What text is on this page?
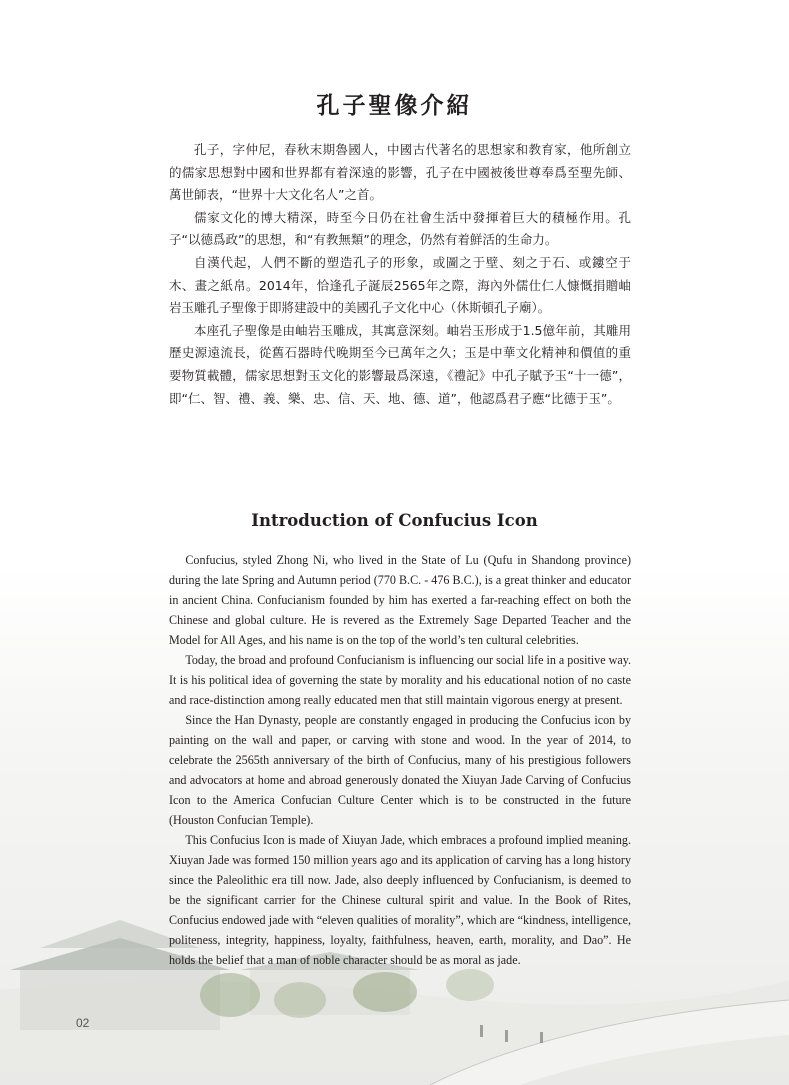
孔子聖像介紹

孔子，字仲尼，春秋末期魯國人，中國古代著名的思想家和教育家，他所創立的儒家思想對中國和世界都有着深遠的影響，孔子在中國被後世尊奉爲至聖先師、萬世師表，“世界十大文化名人”之首。

儒家文化的博大精深，時至今日仍在社會生活中發揮着巨大的積極作用。孔子“以德爲政”的思想，和“有教無類”的理念，仍然有着鮮活的生命力。

自漢代起，人們不斷的塑造孔子的形象，或圖之于壁、刻之于石、或鏤空于木、畫之紙帛。2014年，恰逢孔子誕辰2565年之際，海內外儒仕仁人慷慨捐贈岫岩玉雕孔子聖像于即將建設中的美國孔子文化中心（休斯頓孔子廟）。

本座孔子聖像是由岫岩玉雕成，其寓意深刻。岫岩玉形成于1.5億年前，其雕用歷史源遠流長，從舊石器時代晚期至今已萬年之久；玉是中華文化精神和價值的重要物質載體，儒家思想對玉文化的影響最爲深遠，《禮記》中孔子賦予玉“十一德”，即“仁、智、禮、義、樂、忠、信、天、地、德、道”，他認爲君子應“比德于玉”。

Introduction of Confucius Icon

Confucius, styled Zhong Ni, who lived in the State of Lu (Qufu in Shandong province) during the late Spring and Autumn period (770 B.C. - 476 B.C.), is a great thinker and educator in ancient China. Confucianism founded by him has exerted a far-reaching effect on both the Chinese and global culture. He is revered as the Extremely Sage Departed Teacher and the Model for All Ages, and his name is on the top of the world’s ten cultural celebrities.

Today, the broad and profound Confucianism is influencing our social life in a positive way. It is his political idea of governing the state by morality and his educational notion of no caste and race-distinction among really educated men that still maintain vigorous energy at present.

Since the Han Dynasty, people are constantly engaged in producing the Confucius icon by painting on the wall and paper, or carving with stone and wood. In the year of 2014, to celebrate the 2565th anniversary of the birth of Confucius, many of his prestigious followers and advocators at home and abroad generously donated the Xiuyan Jade Carving of Confucius Icon to the America Confucian Culture Center which is to be constructed in the future (Houston Confucian Temple).

This Confucius Icon is made of Xiuyan Jade, which embraces a profound implied meaning. Xiuyan Jade was formed 150 million years ago and its application of carving has a long history since the Paleolithic era till now. Jade, also deeply influenced by Confucianism, is deemed to be the significant carrier for the Chinese cultural spirit and value. In the Book of Rites, Confucius endowed jade with “eleven qualities of morality”, which are “kindness, intelligence, politeness, integrity, happiness, loyalty, faithfulness, heaven, earth, morality, and Dao”. He holds the belief that a man of noble character should be as moral as jade.

02
